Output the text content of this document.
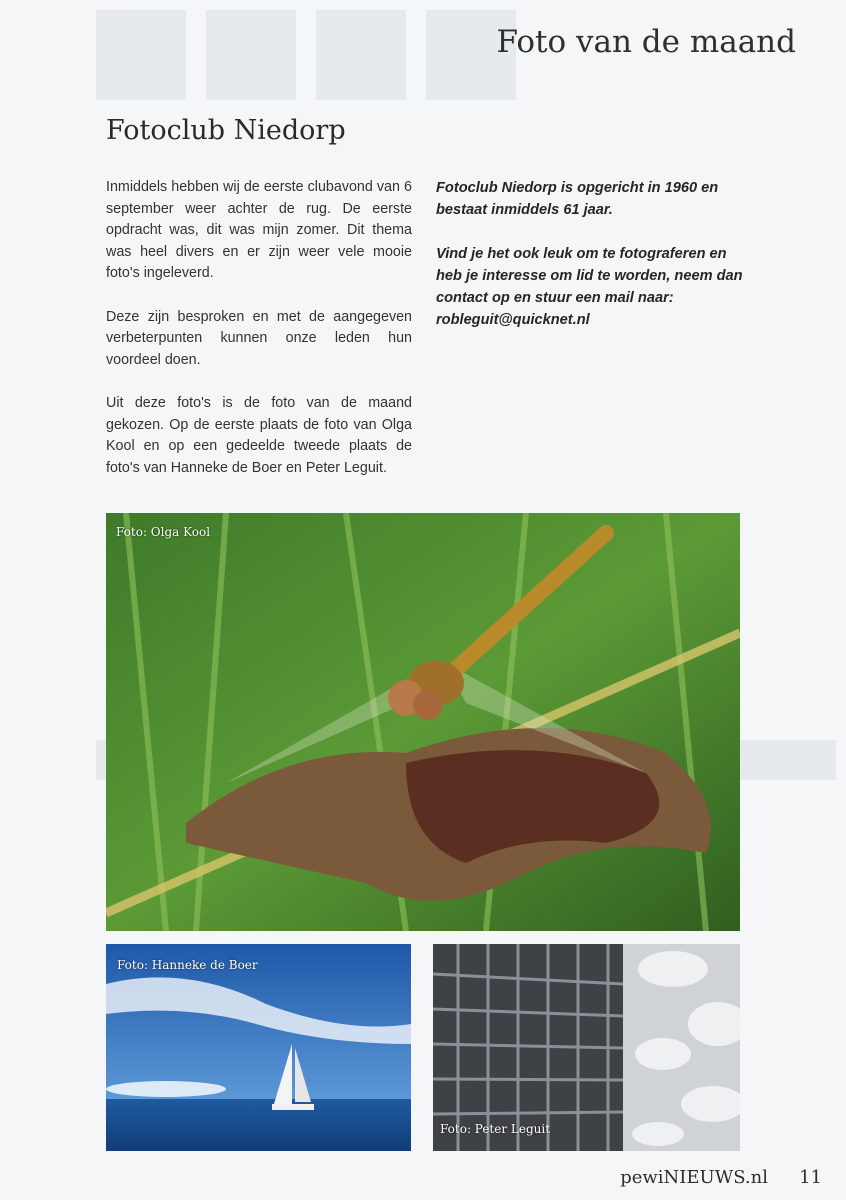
Foto van de maand
Fotoclub Niedorp

Inmiddels hebben wij de eerste clubavond van 6 september weer achter de rug. De eerste opdracht was, dit was mijn zomer. Dit thema was heel divers en er zijn weer vele mooie foto's ingeleverd.

Deze zijn besproken en met de aangegeven verbeterpunten kunnen onze leden hun voordeel doen.

Uit deze foto's is de foto van de maand gekozen. Op de eerste plaats de foto van Olga Kool en op een gedeelde tweede plaats de foto's van Hanneke de Boer en Peter Leguit.

Fotoclub Niedorp is opgericht in 1960 en bestaat inmiddels 61 jaar.

Vind je het ook leuk om te fotograferen en heb je interesse om lid te worden, neem dan contact op en stuur een mail naar:

robleguit@quicknet.nl

Foto: Olga Kool
Foto: Hanneke de Boer
Foto: Peter Leguit
pewiNIEUWS.nl 11
